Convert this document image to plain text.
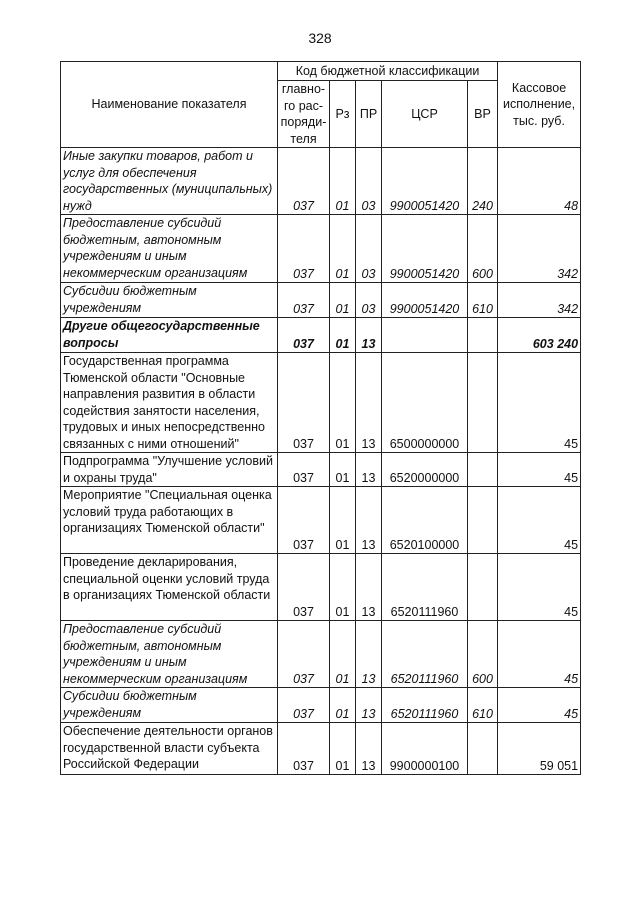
328
Наименование показателя	Код бюджетной классификации					Кассовое исполнение, тыс. руб.
	главно-го рас-поряди-теля	Рз	ПР	ЦСР	ВР	
Иные закупки товаров, работ и услуг для обеспечения государственных (муниципальных) нужд	037	01	03	9900051420	240	48
Предоставление субсидий бюджетным, автономным учреждениям и иным некоммерческим организациям	037	01	03	9900051420	600	342
Субсидии бюджетным учреждениям	037	01	03	9900051420	610	342
Другие общегосударственные вопросы	037	01	13			603 240
Государственная программа Тюменской области "Основные направления развития в области содействия занятости населения, трудовых и иных непосредственно связанных с ними отношений"	037	01	13	6500000000		45
Подпрограмма "Улучшение условий и охраны труда"	037	01	13	6520000000		45
Мероприятие "Специальная оценка условий труда работающих в организациях Тюменской области"	037	01	13	6520100000		45
Проведение декларирования, специальной оценки условий труда в организациях Тюменской области	037	01	13	6520111960		45
Предоставление субсидий бюджетным, автономным учреждениям и иным некоммерческим организациям	037	01	13	6520111960	600	45
Субсидии бюджетным учреждениям	037	01	13	6520111960	610	45
Обеспечение деятельности органов государственной власти субъекта Российской Федерации	037	01	13	9900000100		59 051
